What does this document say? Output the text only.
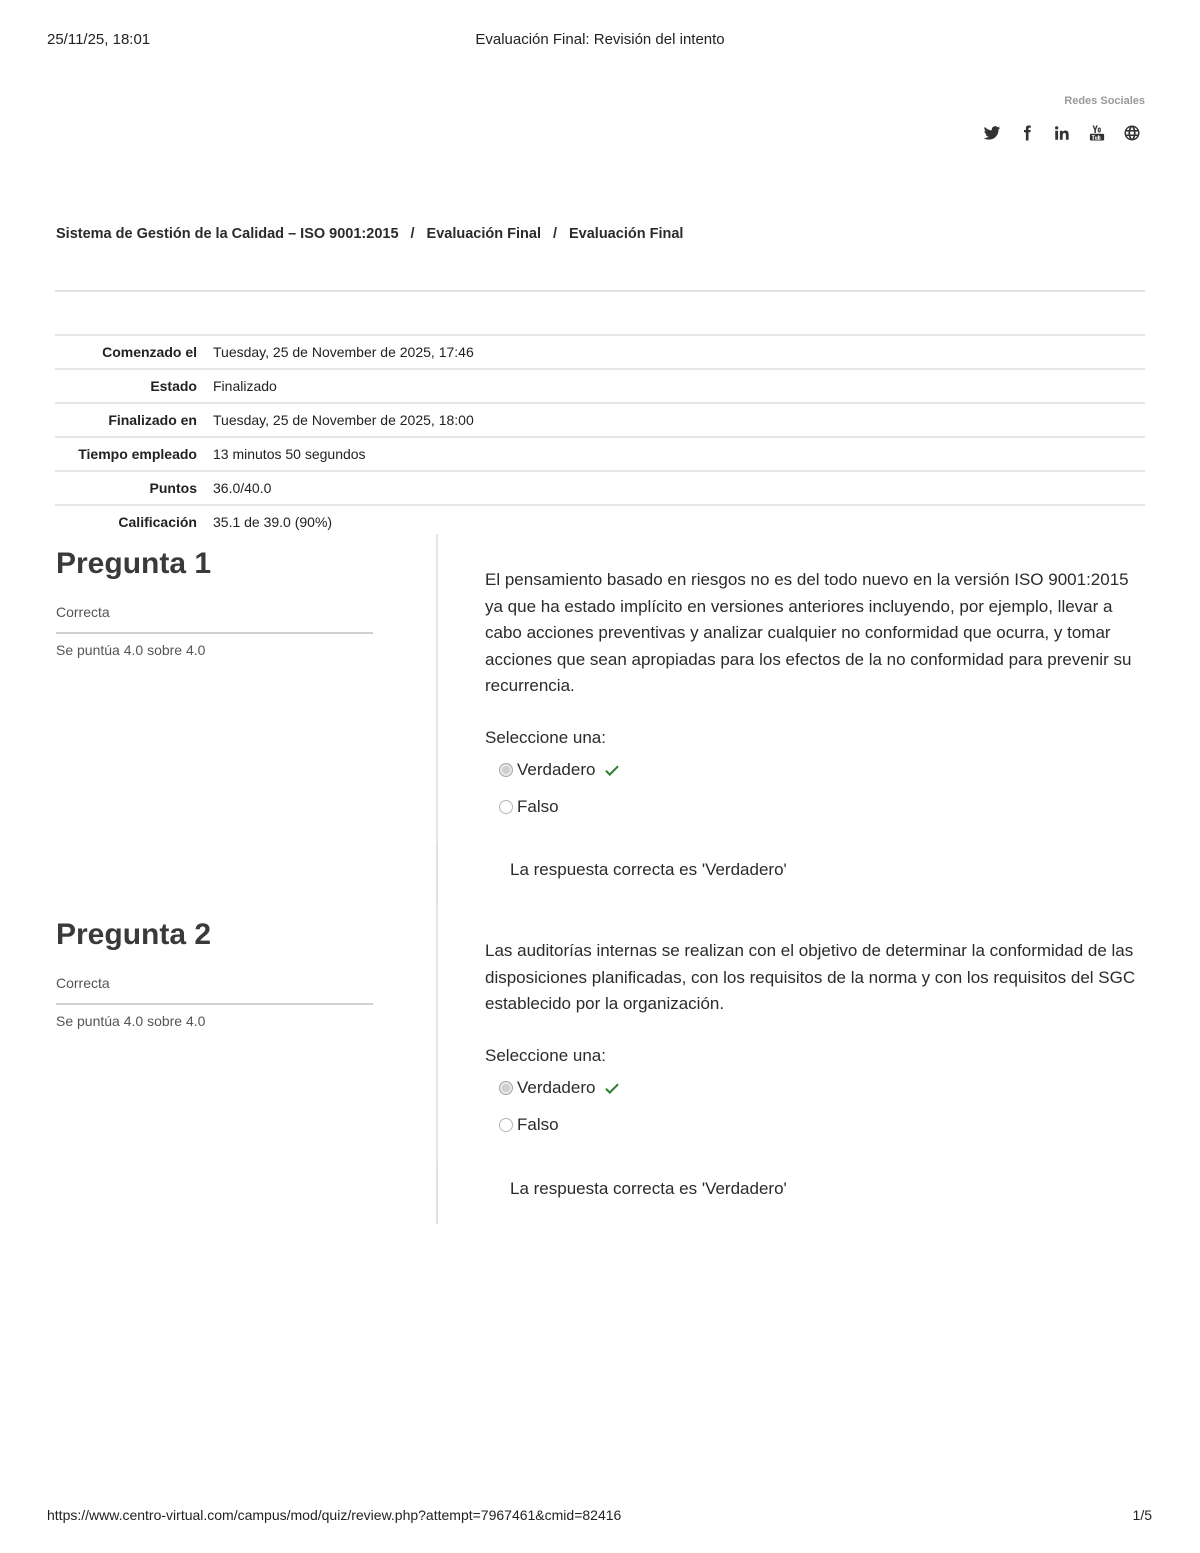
25/11/25, 18:01	Evaluación Final: Revisión del intento
Redes Sociales
Sistema de Gestión de la Calidad – ISO 9001:2015 / Evaluación Final / Evaluación Final
Comenzado el	Tuesday, 25 de November de 2025, 17:46
Estado	Finalizado
Finalizado en	Tuesday, 25 de November de 2025, 18:00
Tiempo empleado	13 minutos 50 segundos
Puntos	36.0/40.0
Calificación	35.1 de 39.0 (90%)
Pregunta 1
Correcta
Se puntúa 4.0 sobre 4.0
El pensamiento basado en riesgos no es del todo nuevo en la versión ISO 9001:2015 ya que ha estado implícito en versiones anteriores incluyendo, por ejemplo, llevar a cabo acciones preventivas y analizar cualquier no conformidad que ocurra, y tomar acciones que sean apropiadas para los efectos de la no conformidad para prevenir su recurrencia.
Seleccione una:
Verdadero
Falso
La respuesta correcta es 'Verdadero'
Pregunta 2
Correcta
Se puntúa 4.0 sobre 4.0
Las auditorías internas se realizan con el objetivo de determinar la conformidad de las disposiciones planificadas, con los requisitos de la norma y con los requisitos del SGC establecido por la organización.
Seleccione una:
Verdadero
Falso
La respuesta correcta es 'Verdadero'
https://www.centro-virtual.com/campus/mod/quiz/review.php?attempt=7967461&cmid=82416	1/5
